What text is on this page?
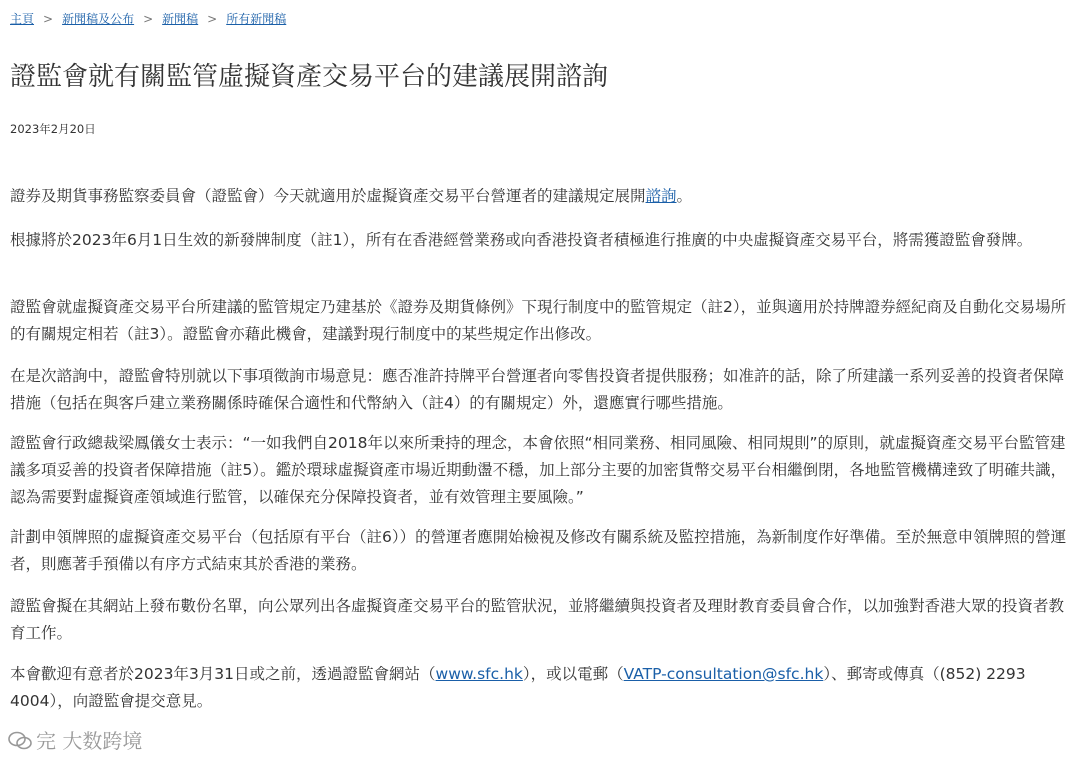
主頁 > 新聞稿及公布 > 新聞稿 > 所有新聞稿
證監會就有關監管虛擬資產交易平台的建議展開諮詢
2023年2月20日

證券及期貨事務監察委員會（證監會）今天就適用於虛擬資產交易平台營運者的建議規定展開諮詢。

根據將於2023年6月1日生效的新發牌制度（註1），所有在香港經營業務或向香港投資者積極進行推廣的中央虛擬資產交易平台，將需獲證監會發牌。

證監會就虛擬資產交易平台所建議的監管規定乃建基於《證券及期貨條例》下現行制度中的監管規定（註2），並與適用於持牌證券經紀商及自動化交易場所的有關規定相若（註3）。證監會亦藉此機會，建議對現行制度中的某些規定作出修改。

在是次諮詢中，證監會特別就以下事項徵詢市場意見：應否准許持牌平台營運者向零售投資者提供服務；如准許的話，除了所建議一系列妥善的投資者保障措施（包括在與客戶建立業務關係時確保合適性和代幣納入（註4）的有關規定）外，還應實行哪些措施。

證監會行政總裁梁鳳儀女士表示：“一如我們自2018年以來所秉持的理念，本會依照“相同業務、相同風險、相同規則”的原則，就虛擬資產交易平台監管建議多項妥善的投資者保障措施（註5）。鑑於環球虛擬資產市場近期動盪不穩，加上部分主要的加密貨幣交易平台相繼倒閉，各地監管機構達致了明確共識，認為需要對虛擬資產領域進行監管，以確保充分保障投資者，並有效管理主要風險。”

計劃申領牌照的虛擬資產交易平台（包括原有平台（註6））的營運者應開始檢視及修改有關系統及監控措施，為新制度作好準備。至於無意申領牌照的營運者，則應著手預備以有序方式結束其於香港的業務。

證監會擬在其網站上發布數份名單，向公眾列出各虛擬資產交易平台的監管狀況，並將繼續與投資者及理財教育委員會合作，以加強對香港大眾的投資者教育工作。

本會歡迎有意者於2023年3月31日或之前，透過證監會網站（www.sfc.hk），或以電郵（VATP-consultation@sfc.hk）、郵寄或傳真（(852) 2293 4004），向證監會提交意見。

完 大数跨境
